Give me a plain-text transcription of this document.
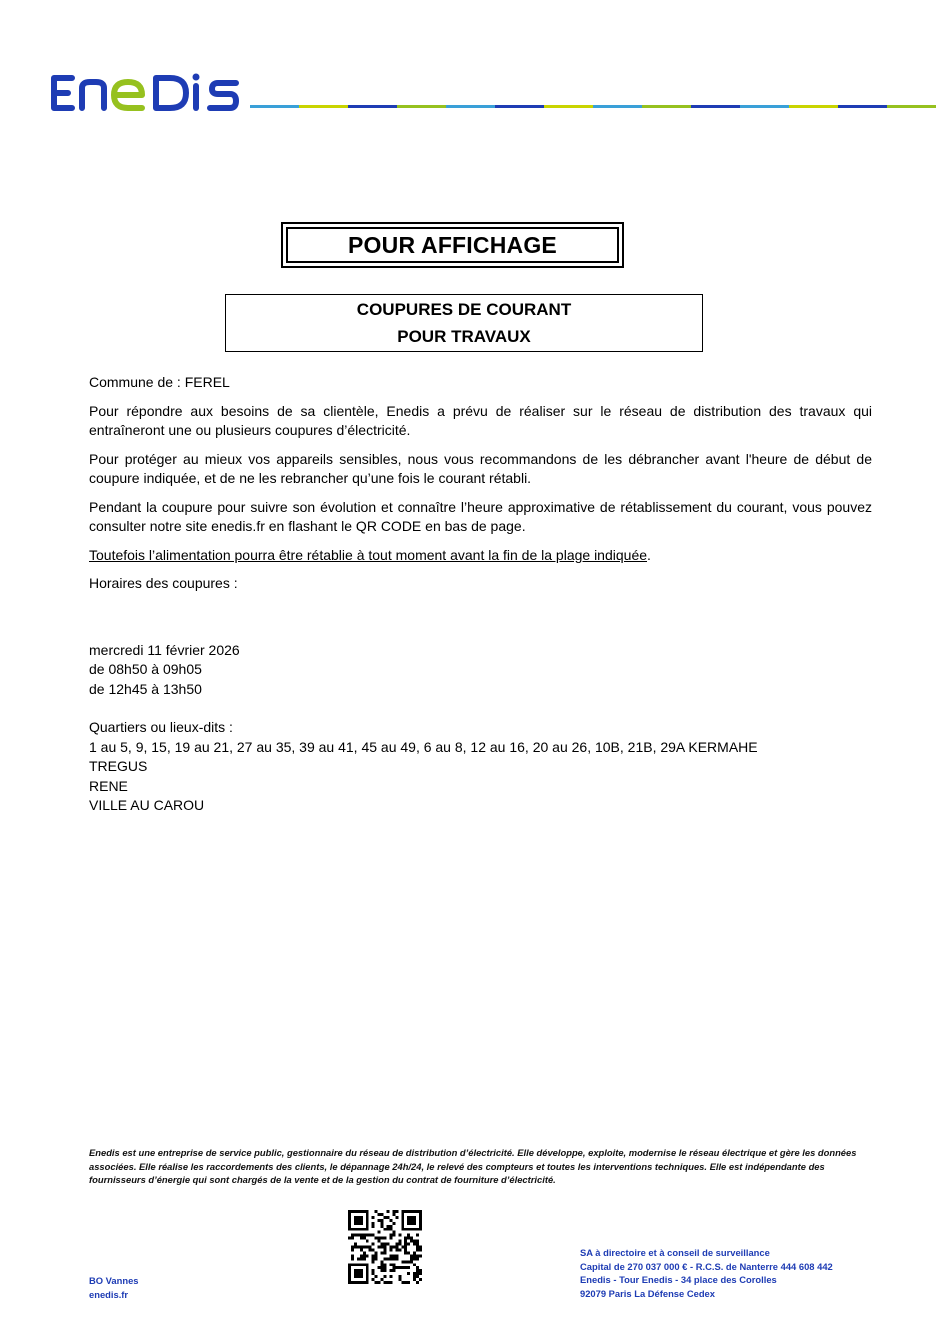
POUR AFFICHAGE
COUPURES DE COURANT
POUR TRAVAUX

Commune de : FEREL

Pour répondre aux besoins de sa clientèle, Enedis a prévu de réaliser sur le réseau de distribution des travaux qui entraîneront une ou plusieurs coupures d’électricité.

Pour protéger au mieux vos appareils sensibles, nous vous recommandons de les débrancher avant l'heure de début de coupure indiquée, et de ne les rebrancher qu’une fois le courant rétabli.

Pendant la coupure pour suivre son évolution et connaître l’heure approximative de rétablissement du courant, vous pouvez consulter notre site enedis.fr en flashant le QR CODE en bas de page.

Toutefois l’alimentation pourra être rétablie à tout moment avant la fin de la plage indiquée.

Horaires des coupures :

mercredi 11 février 2026
de 08h50 à 09h05
de 12h45 à 13h50
Quartiers ou lieux-dits :
1 au 5, 9, 15, 19 au 21, 27 au 35, 39 au 41, 45 au 49, 6 au 8, 12 au 16, 20 au 26, 10B, 21B, 29A KERMAHE
TREGUS
RENE
VILLE AU CAROU
Enedis est une entreprise de service public, gestionnaire du réseau de distribution d’électricité. Elle développe, exploite, modernise le réseau électrique et gère les données associées. Elle réalise les raccordements des clients, le dépannage 24h/24, le relevé des compteurs et toutes les interventions techniques. Elle est indépendante des fournisseurs d’énergie qui sont chargés de la vente et de la gestion du contrat de fourniture d’électricité.
BO Vannes
enedis.fr
SA à directoire et à conseil de surveillance
Capital de 270 037 000 € - R.C.S. de Nanterre 444 608 442
Enedis - Tour Enedis - 34 place des Corolles
92079 Paris La Défense Cedex
